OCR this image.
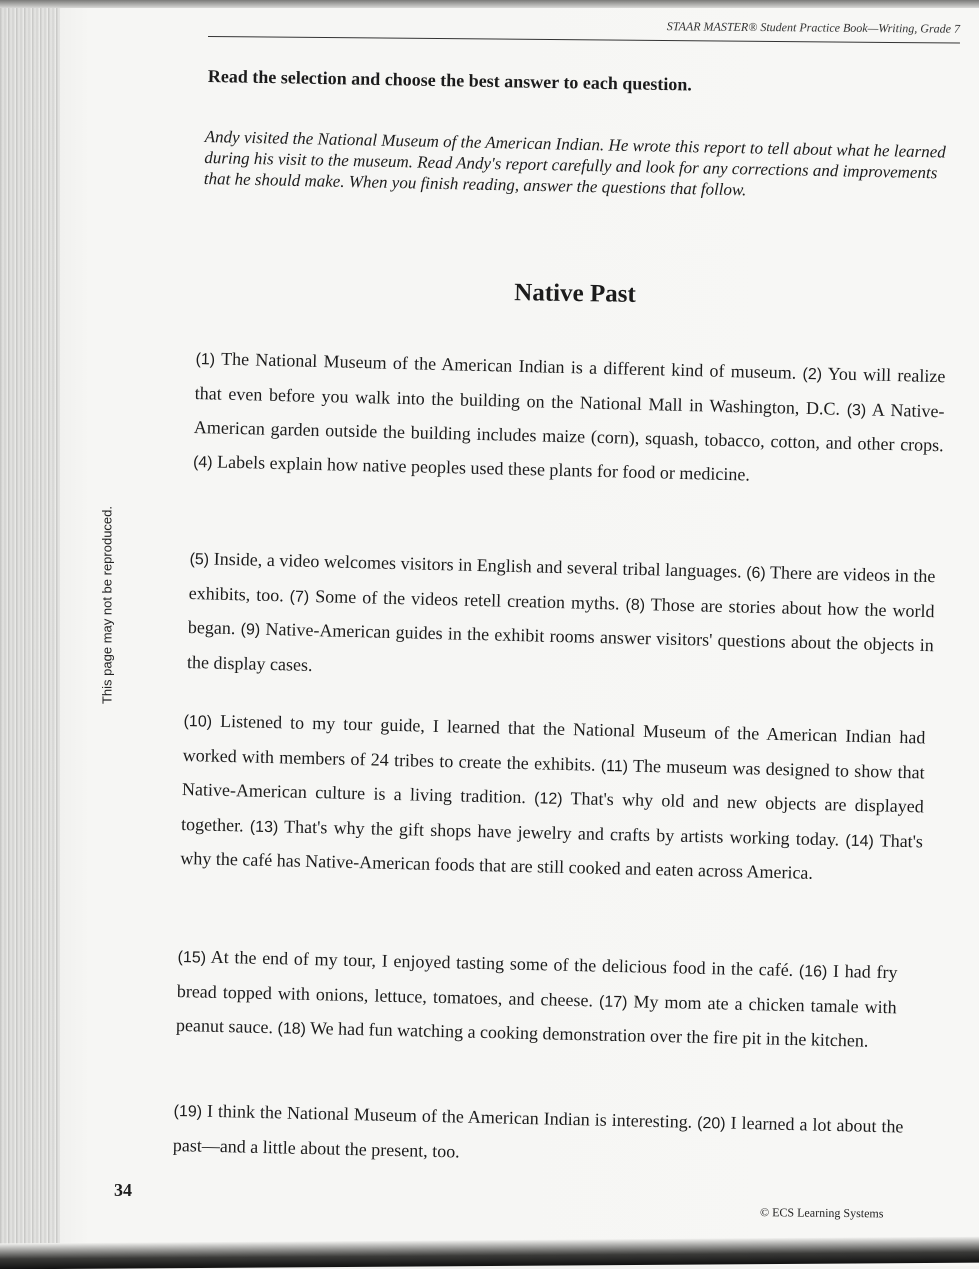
STAAR MASTER® Student Practice Book—Writing, Grade 7
Read the selection and choose the best answer to each question.
Andy visited the National Museum of the American Indian. He wrote this report to tell about what he learned during his visit to the museum. Read Andy's report carefully and look for any corrections and improvements that he should make. When you finish reading, answer the questions that follow.
Native Past
(1) The National Museum of the American Indian is a different kind of museum. (2) You will realize that even before you walk into the building on the National Mall in Washington, D.C. (3) A Native-American garden outside the building includes maize (corn), squash, tobacco, cotton, and other crops. (4) Labels explain how native peoples used these plants for food or medicine.
(5) Inside, a video welcomes visitors in English and several tribal languages. (6) There are videos in the exhibits, too. (7) Some of the videos retell creation myths. (8) Those are stories about how the world began. (9) Native-American guides in the exhibit rooms answer visitors' questions about the objects in the display cases.
(10) Listened to my tour guide, I learned that the National Museum of the American Indian had worked with members of 24 tribes to create the exhibits. (11) The museum was designed to show that Native-American culture is a living tradition. (12) That's why old and new objects are displayed together. (13) That's why the gift shops have jewelry and crafts by artists working today. (14) That's why the café has Native-American foods that are still cooked and eaten across America.
(15) At the end of my tour, I enjoyed tasting some of the delicious food in the café. (16) I had fry bread topped with onions, lettuce, tomatoes, and cheese. (17) My mom ate a chicken tamale with peanut sauce. (18) We had fun watching a cooking demonstration over the fire pit in the kitchen.
(19) I think the National Museum of the American Indian is interesting. (20) I learned a lot about the past—and a little about the present, too.
This page may not be reproduced.
34
© ECS Learning Systems
